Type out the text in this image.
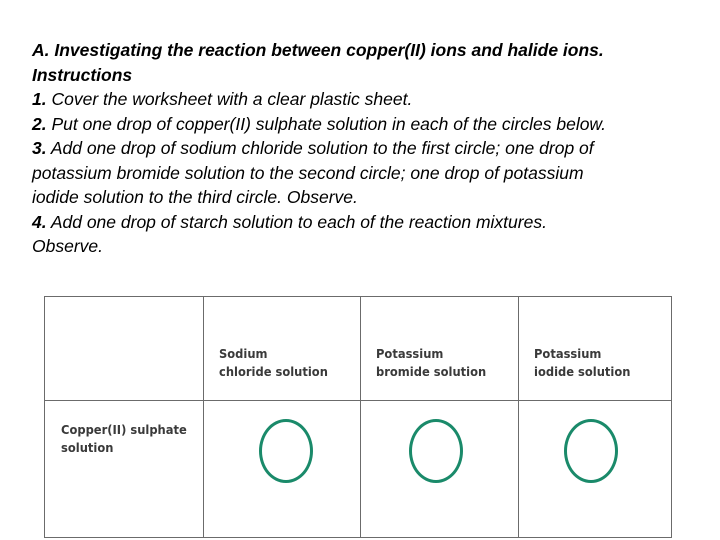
A. Investigating the reaction between copper(II) ions and halide ions.
Instructions
1. Cover the worksheet with a clear plastic sheet.
2. Put one drop of copper(II) sulphate solution in each of the circles below.
3. Add one drop of sodium chloride solution to the first circle; one drop of
potassium bromide solution to the second circle; one drop of potassium
iodide solution to the third circle. Observe.
4. Add one drop of starch solution to each of the reaction mixtures.
Observe.
Sodium
chloride solution
Potassium
bromide solution
Potassium
iodide solution
Copper(II) sulphate
solution
